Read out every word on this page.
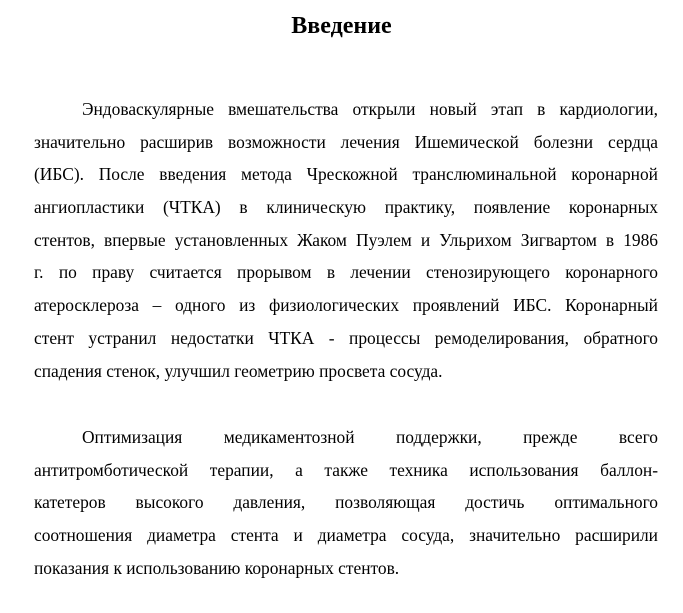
Введение

Эндоваскулярные вмешательства открыли новый этап в кардиологии,
значительно расширив возможности лечения Ишемической болезни сердца
(ИБС). После введения метода Чрескожной транслюминальной коронарной
ангиопластики (ЧТКА) в клиническую практику, появление коронарных
стентов, впервые установленных Жаком Пуэлем и Ульрихом Зигвартом в 1986
г. по праву считается прорывом в лечении стенозирующего коронарного
атеросклероза – одного из физиологических проявлений ИБС. Коронарный
стент устранил недостатки ЧТКА - процессы ремоделирования, обратного
спадения стенок, улучшил геометрию просвета сосуда.

Оптимизация медикаментозной поддержки, прежде всего
антитромботической терапии, а также техника использования баллон-
катетеров высокого давления, позволяющая достичь оптимального
соотношения диаметра стента и диаметра сосуда, значительно расширили
показания к использованию коронарных стентов.
